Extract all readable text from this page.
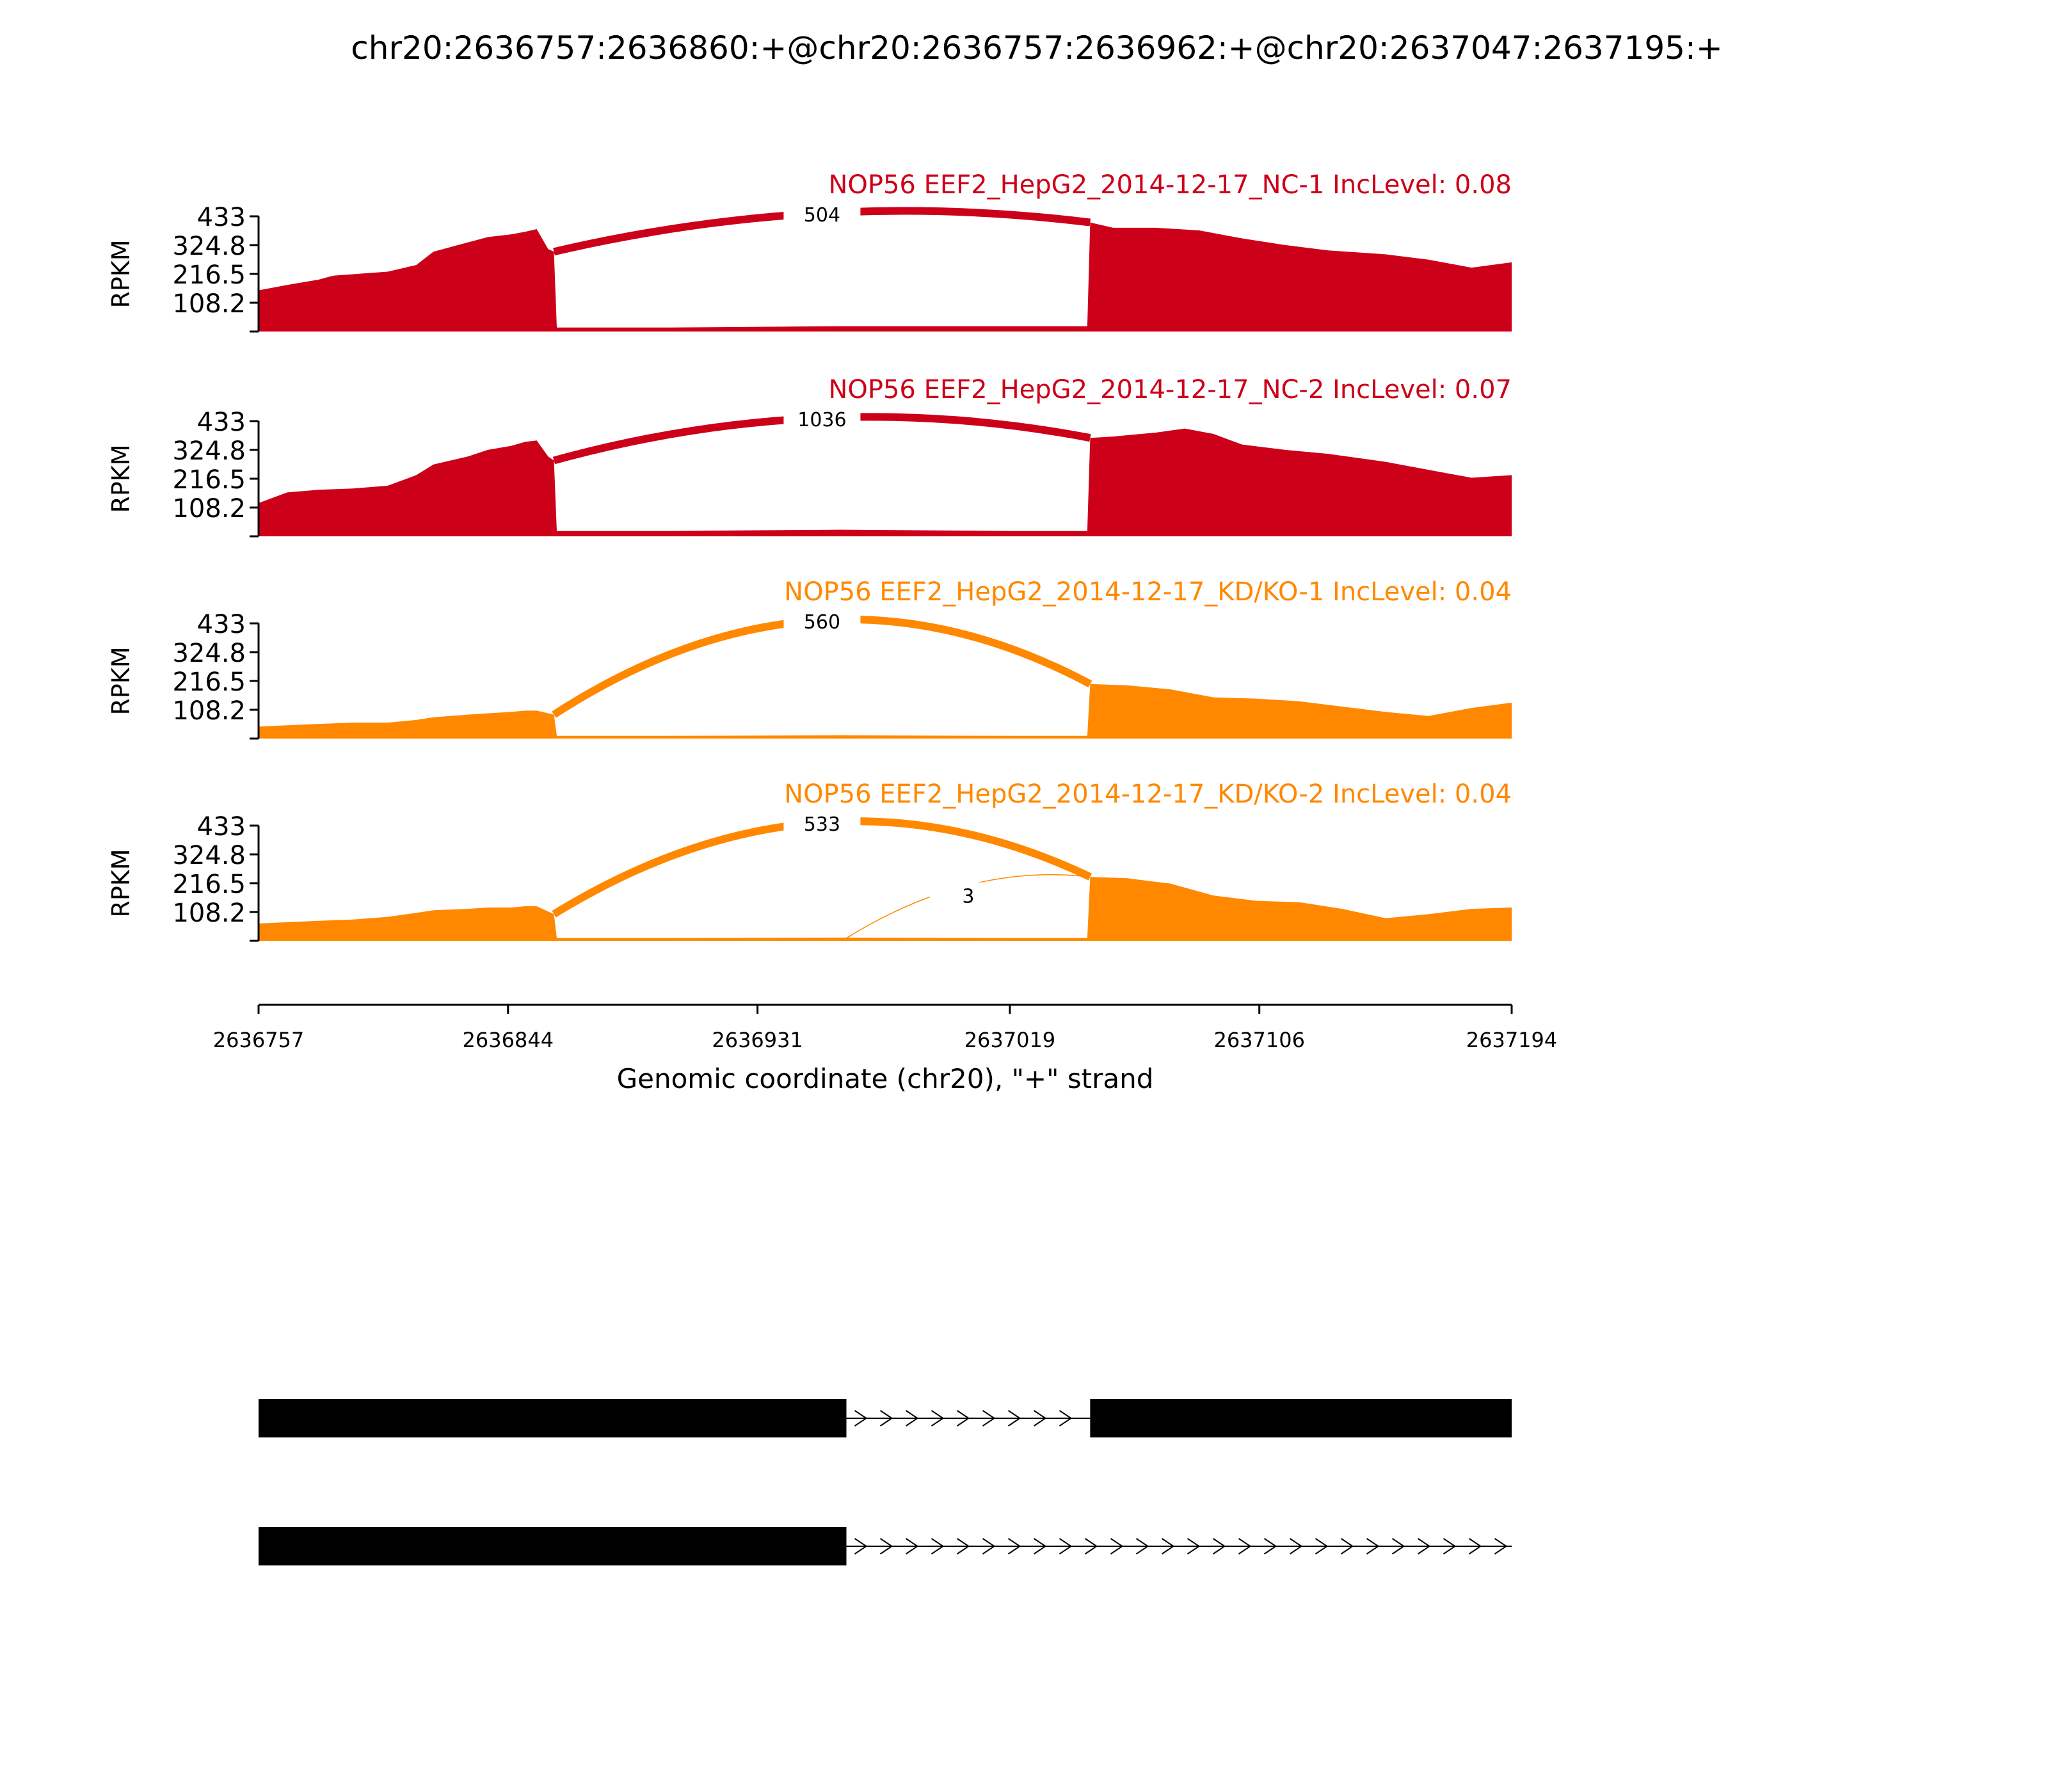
chr20:2636757:2636860:+@chr20:2636757:2636962:+@chr20:2637047:2637195:+
108.2
216.5
324.8
433
RPKM
NOP56 EEF2_HepG2_2014-12-17_NC-1 IncLevel: 0.08
504
108.2
216.5
324.8
433
RPKM
NOP56 EEF2_HepG2_2014-12-17_NC-2 IncLevel: 0.07
1036
108.2
216.5
324.8
433
RPKM
NOP56 EEF2_HepG2_2014-12-17_KD/KO-1 IncLevel: 0.04
560
108.2
216.5
324.8
433
RPKM
NOP56 EEF2_HepG2_2014-12-17_KD/KO-2 IncLevel: 0.04
533
3
2636757	2636844	2636931	2637019	2637106	2637194
Genomic coordinate (chr20), "+" strand
